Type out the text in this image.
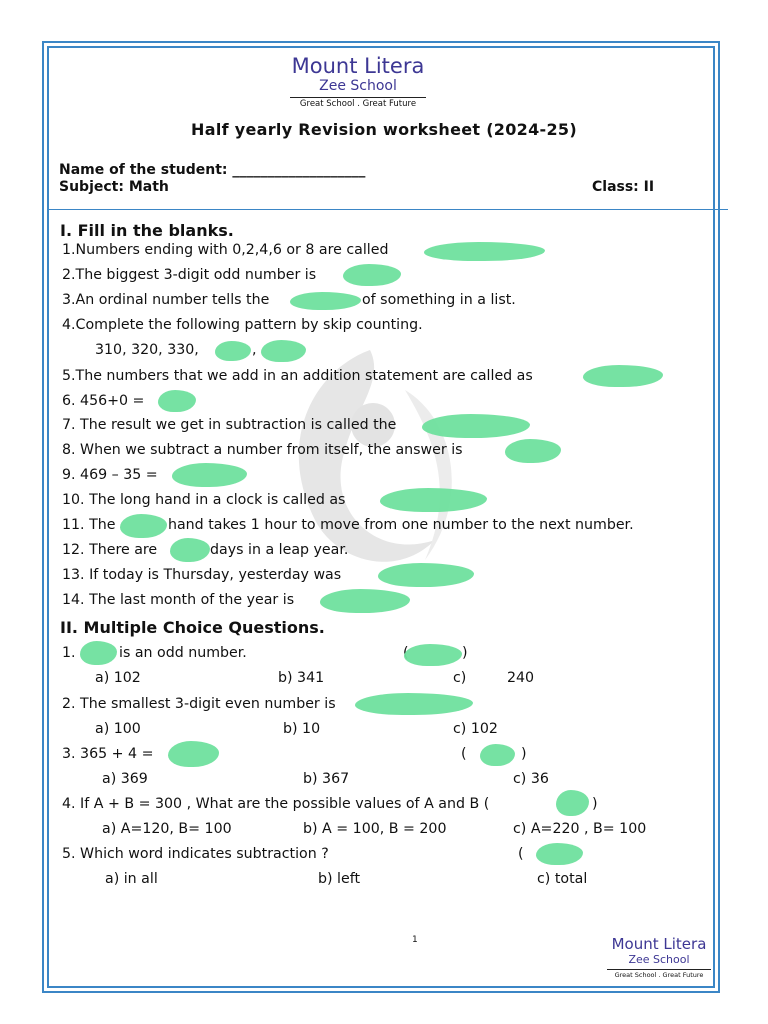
Mount Litera
Zee School
Great School . Great Future
Half yearly Revision worksheet (2024-25)
Name of the student: ___________________
Subject: Math	Class: II
I. Fill in the blanks.
1.Numbers ending with 0,2,4,6 or 8 are called
2.The biggest 3-digit odd number is
3.An ordinal number tells the	of something in a list.
4.Complete the following pattern by skip counting.
310, 320, 330,	,
5.The numbers that we add in an addition statement are called as
6. 456+0 =
7. The result we get in subtraction is called the
8. When we subtract a number from itself, the answer is
9. 469 – 35 =
10. The long hand in a clock is called as
11. The	hand takes 1 hour to move from one number to the next number.
12. There are	days in a leap year.
13. If today is Thursday, yesterday was
14. The last month of the year is
II. Multiple Choice Questions.
1.	is an odd number.	)
a) 102	b) 341	c)	240
2. The smallest 3-digit even number is
a) 100	b) 10	c) 102
3. 365 + 4 =	(	)
a) 369	b) 367	c) 36
4. If A + B = 300 , What are the possible values of A and B (	)
a) A=120, B= 100	b) A = 100, B = 200	c) A=220 , B= 100
5. Which word indicates subtraction ?	(
a) in all	b) left	c) total
1	Mount Litera
Zee School
Great School . Great Future
